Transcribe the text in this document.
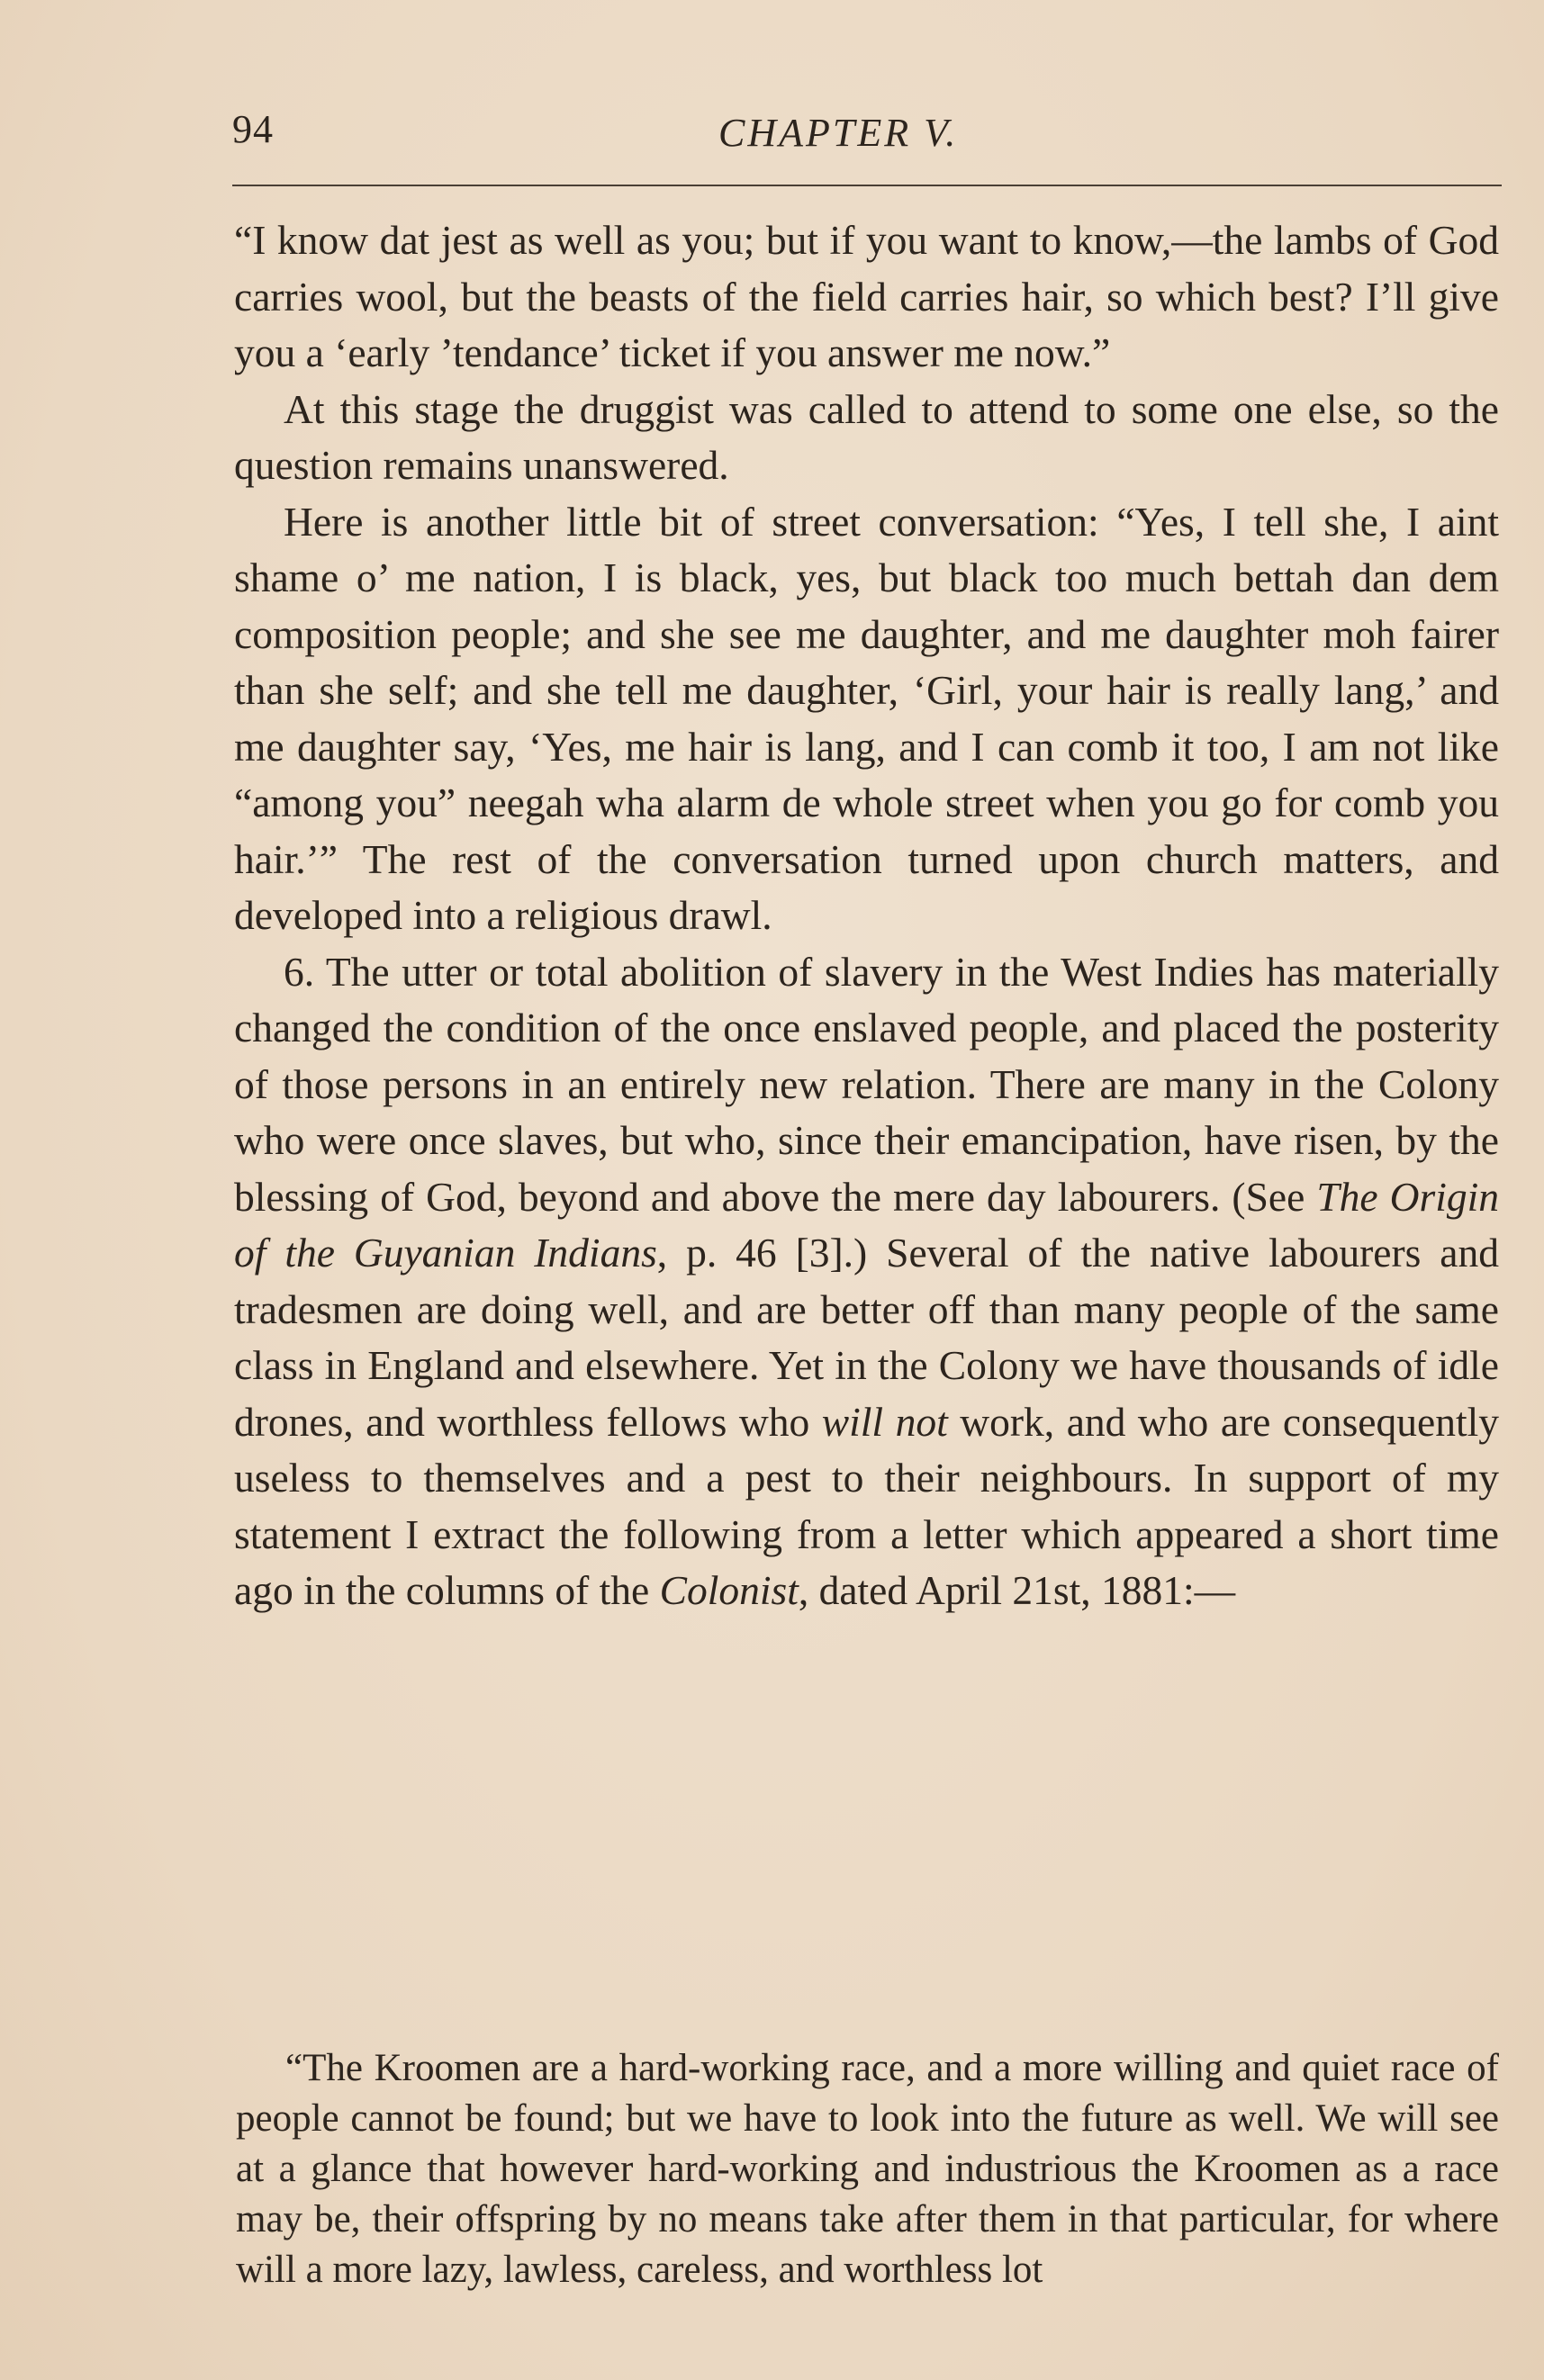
94	CHAPTER V.

“I know dat jest as well as you; but if you want to know,—the lambs of God carries wool, but the beasts of the field carries hair, so which best? I’ll give you a ‘early ’tendance’ ticket if you answer me now.”

At this stage the druggist was called to attend to some one else, so the question remains unanswered.

Here is another little bit of street conversation: “Yes, I tell she, I aint shame o’ me nation, I is black, yes, but black too much bettah dan dem composition people; and she see me daughter, and me daughter moh fairer than she self; and she tell me daughter, ‘Girl, your hair is really lang,’ and me daughter say, ‘Yes, me hair is lang, and I can comb it too, I am not like “among you” neegah wha alarm de whole street when you go for comb you hair.’” The rest of the conversation turned upon church matters, and developed into a religious drawl.

6. The utter or total abolition of slavery in the West Indies has materially changed the condition of the once enslaved people, and placed the posterity of those persons in an entirely new relation. There are many in the Colony who were once slaves, but who, since their emancipation, have risen, by the blessing of God, beyond and above the mere day labourers. (See The Origin of the Guyanian Indians, p. 46 [3].) Several of the native labourers and tradesmen are doing well, and are better off than many people of the same class in England and elsewhere. Yet in the Colony we have thousands of idle drones, and worthless fellows who will not work, and who are consequently useless to themselves and a pest to their neighbours. In support of my statement I extract the following from a letter which appeared a short time ago in the columns of the Colonist, dated April 21st, 1881:—

“The Kroomen are a hard-working race, and a more willing and quiet race of people cannot be found; but we have to look into the future as well. We will see at a glance that however hard-working and industrious the Kroomen as a race may be, their offspring by no means take after them in that particular, for where will a more lazy, lawless, careless, and worthless lot
